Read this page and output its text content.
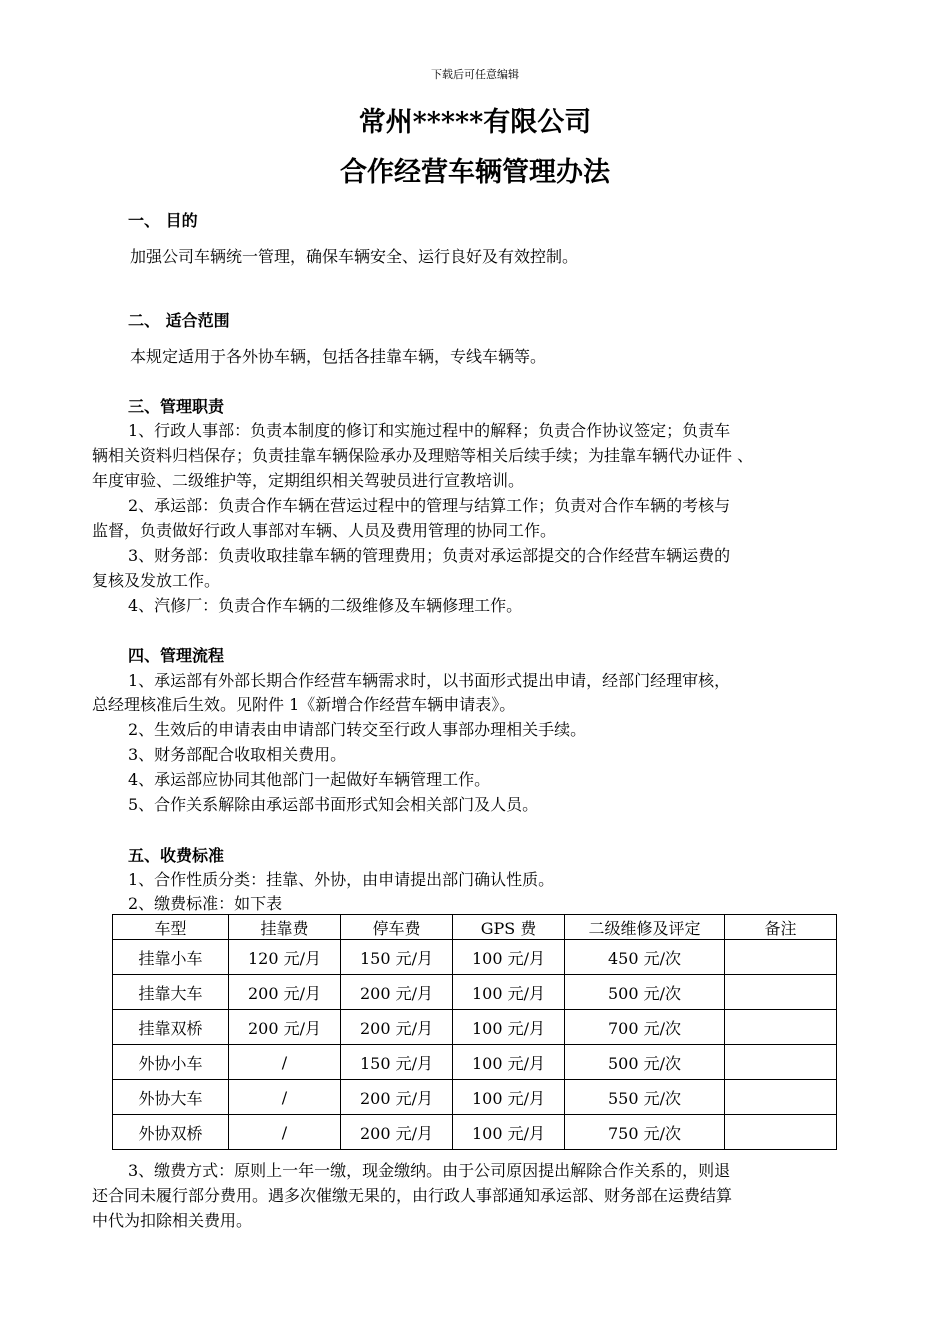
下载后可任意编辑
常州*****有限公司
合作经营车辆管理办法
一、 目的
加强公司车辆统一管理，确保车辆安全、运行良好及有效控制。
二、 适合范围
本规定适用于各外协车辆，包括各挂靠车辆，专线车辆等。
三、管理职责
1、行政人事部：负责本制度的修订和实施过程中的解释；负责合作协议签定；负责车
辆相关资料归档保存；负责挂靠车辆保险承办及理赔等相关后续手续；为挂靠车辆代办证件 、
年度审验、二级维护等，定期组织相关驾驶员进行宣教培训。
2、承运部：负责合作车辆在营运过程中的管理与结算工作；负责对合作车辆的考核与
监督，负责做好行政人事部对车辆、人员及费用管理的协同工作。
3、财务部：负责收取挂靠车辆的管理费用；负责对承运部提交的合作经营车辆运费的
复核及发放工作。
4、汽修厂：负责合作车辆的二级维修及车辆修理工作。
四、管理流程
1、承运部有外部长期合作经营车辆需求时，以书面形式提出申请，经部门经理审核，
总经理核准后生效。见附件 1《新增合作经营车辆申请表》。
2、生效后的申请表由申请部门转交至行政人事部办理相关手续。
3、财务部配合收取相关费用。
4、承运部应协同其他部门一起做好车辆管理工作。
5、合作关系解除由承运部书面形式知会相关部门及人员。
五、收费标准
1、合作性质分类：挂靠、外协，由申请提出部门确认性质。
2、缴费标准：如下表
车型	挂靠费	停车费	GPS 费	二级维修及评定	备注
挂靠小车	120 元/月	150 元/月	100 元/月	450 元/次	
挂靠大车	200 元/月	200 元/月	100 元/月	500 元/次	
挂靠双桥	200 元/月	200 元/月	100 元/月	700 元/次	
外协小车	/	150 元/月	100 元/月	500 元/次	
外协大车	/	200 元/月	100 元/月	550 元/次	
外协双桥	/	200 元/月	100 元/月	750 元/次	
3、缴费方式：原则上一年一缴，现金缴纳。由于公司原因提出解除合作关系的，则退
还合同未履行部分费用。遇多次催缴无果的，由行政人事部通知承运部、财务部在运费结算
中代为扣除相关费用。
